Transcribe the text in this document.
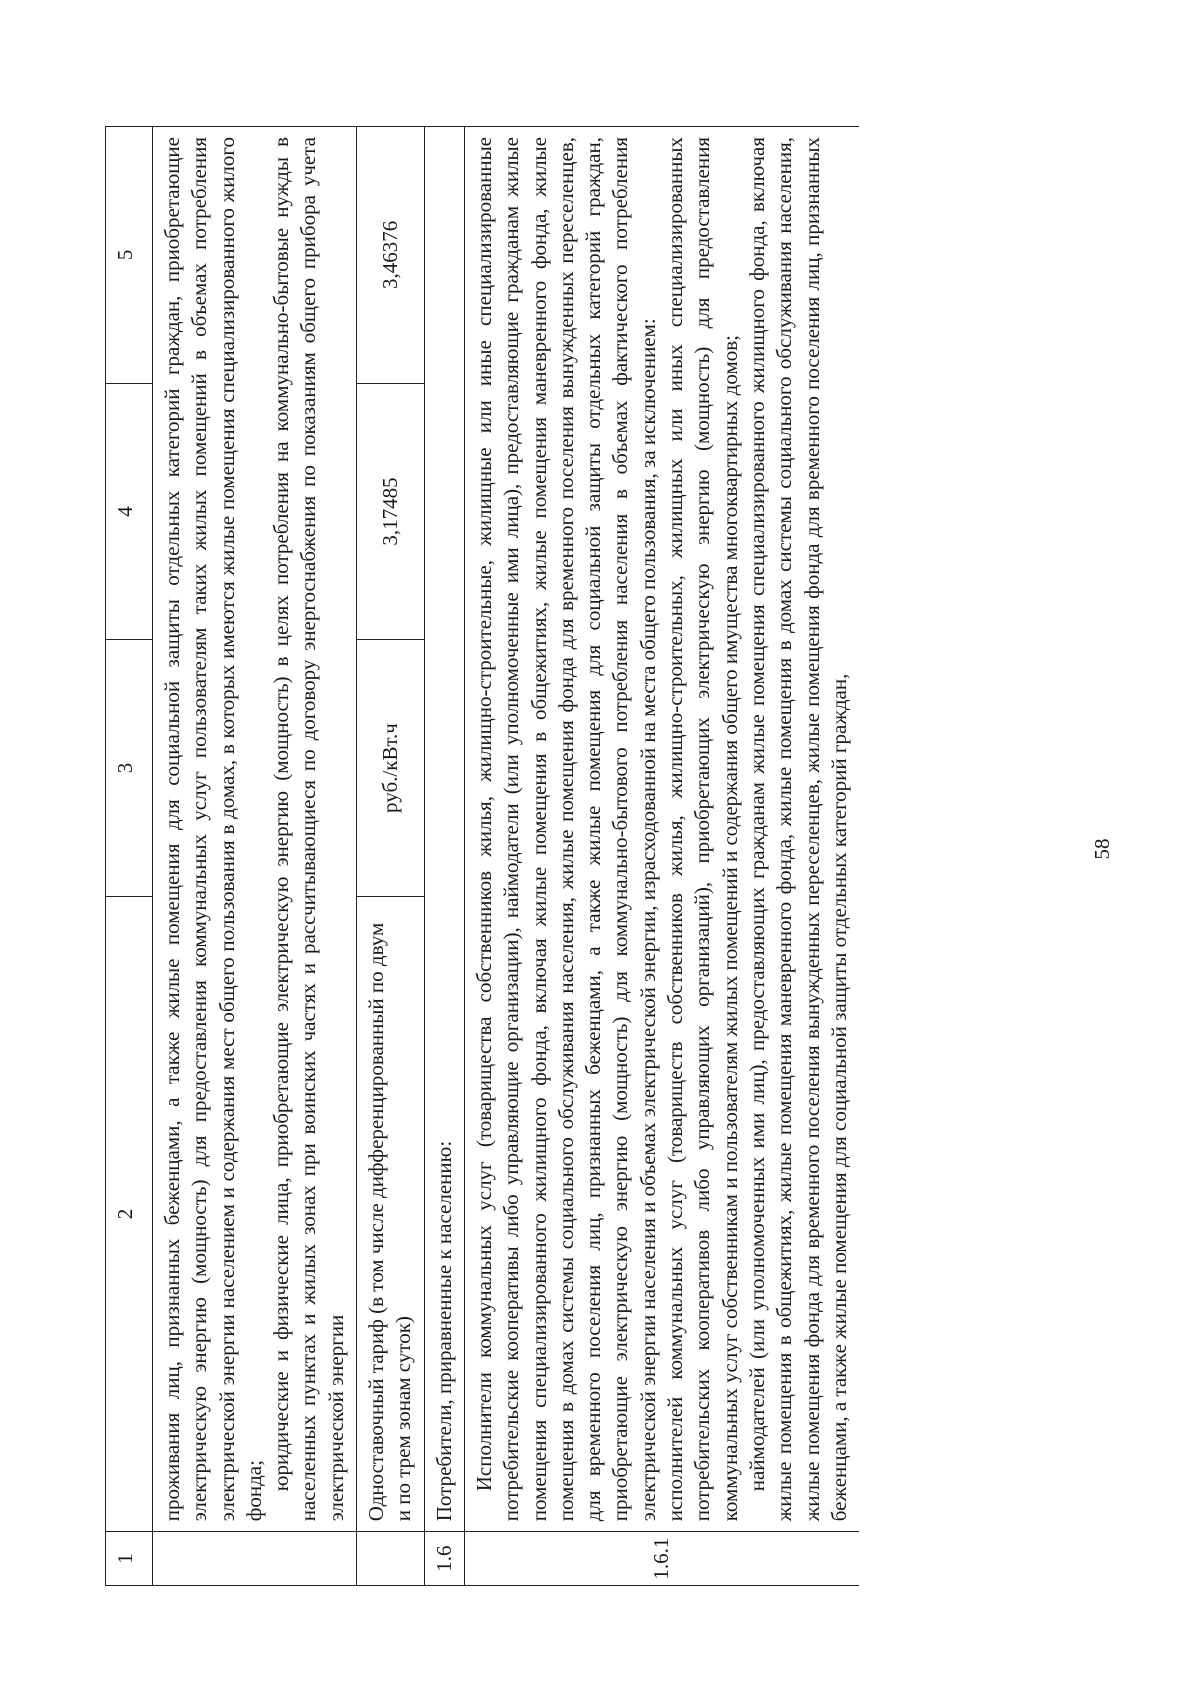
58
1	2	3	4	5

	проживания лиц, признанных беженцами, а также жилые помещения для социальной защиты отдельных категорий граждан, приобретающие электрическую энергию (мощность) для предоставления коммунальных услуг пользователям таких жилых помещений в объемах потребления электрической энергии населением и содержания мест общего пользования в домах, в которых имеются жилые помещения специализированного жилого фонда; юридические и физические лица, приобретающие электрическую энергию (мощность) в целях потребления на коммунально-бытовые нужды в населенных пунктах и жилых зонах при воинских частях и рассчитывающиеся по договору энергоснабжения по показаниям общего прибора учета электрической энергии			

	Одноставочный тариф (в том числе дифференцированный по двум и по трем зонам суток)	руб./кВт.ч	3,17485	3,46376
1.6	Потребители, приравненные к населению:			
1.6.1	Исполнители коммунальных услуг (товарищества собственников жилья, жилищно-строительные, жилищные или иные специализированные потребительские кооперативы либо управляющие организации), наймодатели (или уполномоченные ими лица), предоставляющие гражданам жилые помещения специализированного жилищного фонда, включая жилые помещения в общежитиях, жилые помещения маневренного фонда, жилые помещения в домах системы социального обслуживания населения, жилые помещения фонда для временного поселения вынужденных переселенцев, для временного поселения лиц, признанных беженцами, а также жилые помещения для социальной защиты отдельных категорий граждан, приобретающие электрическую энергию (мощность) для коммунально-бытового потребления населения в объемах фактического потребления электрической энергии населения и объемах электрической энергии, израсходованной на места общего пользования, за исключением: исполнителей коммунальных услуг (товариществ собственников жилья, жилищно-строительных, жилищных или иных специализированных потребительских кооперативов либо управляющих организаций), приобретающих электрическую энергию (мощность) для предоставления коммунальных услуг собственникам и пользователям жилых помещений и содержания общего имущества многоквартирных домов; наймодателей (или уполномоченных ими лиц), предоставляющих гражданам жилые помещения специализированного жилищного фонда, включая жилые помещения в общежитиях, жилые помещения маневренного фонда, жилые помещения в домах системы социального обслуживания населения, жилые помещения фонда для временного поселения вынужденных переселенцев, жилые помещения фонда для временного поселения лиц, признанных беженцами, а также жилые помещения для социальной защиты отдельных категорий граждан,			
